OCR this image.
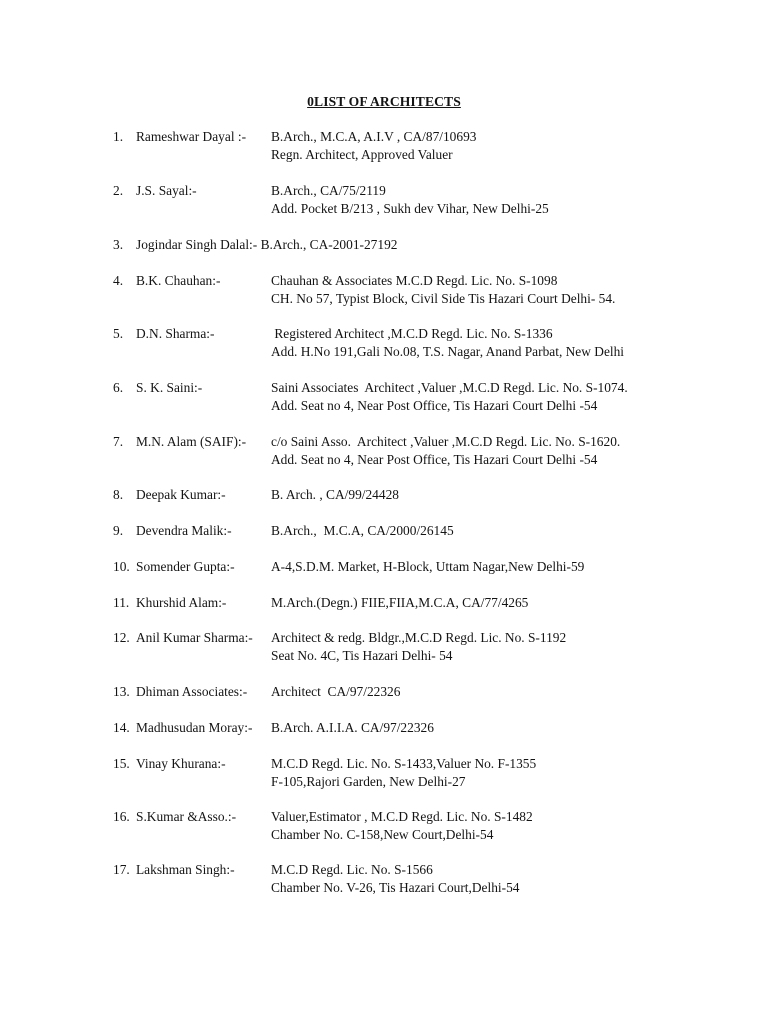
0LIST OF ARCHITECTS
1. Rameshwar Dayal :- B.Arch., M.C.A, A.I.V , CA/87/10693
Regn. Architect, Approved Valuer
2. J.S. Sayal:-	B.Arch., CA/75/2119
Add. Pocket B/213 , Sukh dev Vihar, New Delhi-25
3. Jogindar Singh Dalal:- B.Arch., CA-2001-27192
4. B.K. Chauhan:-	Chauhan & Associates M.C.D Regd. Lic. No. S-1098
CH. No 57, Typist Block, Civil Side Tis Hazari Court Delhi- 54.
5. D.N. Sharma:-	Registered Architect ,M.C.D Regd. Lic. No. S-1336
Add. H.No 191,Gali No.08, T.S. Nagar, Anand Parbat, New Delhi
6. S. K. Saini:-	Saini Associates  Architect ,Valuer ,M.C.D Regd. Lic. No. S-1074.
Add. Seat no 4, Near Post Office, Tis Hazari Court Delhi -54
7. M.N. Alam (SAIF):- c/o Saini Asso.  Architect ,Valuer ,M.C.D Regd. Lic. No. S-1620.
Add. Seat no 4, Near Post Office, Tis Hazari Court Delhi -54
8. Deepak Kumar:-	B. Arch. , CA/99/24428
9. Devendra Malik:-	B.Arch.,  M.C.A, CA/2000/26145
10. Somender Gupta:-	A-4,S.D.M. Market, H-Block, Uttam Nagar,New Delhi-59
11. Khurshid Alam:-	M.Arch.(Degn.) FIIE,FIIA,M.C.A, CA/77/4265
12. Anil Kumar Sharma:- Architect & redg. Bldgr.,M.C.D Regd. Lic. No. S-1192
Seat No. 4C, Tis Hazari Delhi- 54
13. Dhiman Associates:- Architect  CA/97/22326
14. Madhusudan Moray:- B.Arch. A.I.I.A. CA/97/22326
15. Vinay Khurana:-	M.C.D Regd. Lic. No. S-1433,Valuer No. F-1355
F-105,Rajori Garden, New Delhi-27
16. S.Kumar &Asso.:-	Valuer,Estimator , M.C.D Regd. Lic. No. S-1482
Chamber No. C-158,New Court,Delhi-54
17. Lakshman Singh:-	M.C.D Regd. Lic. No. S-1566
Chamber No. V-26, Tis Hazari Court,Delhi-54
